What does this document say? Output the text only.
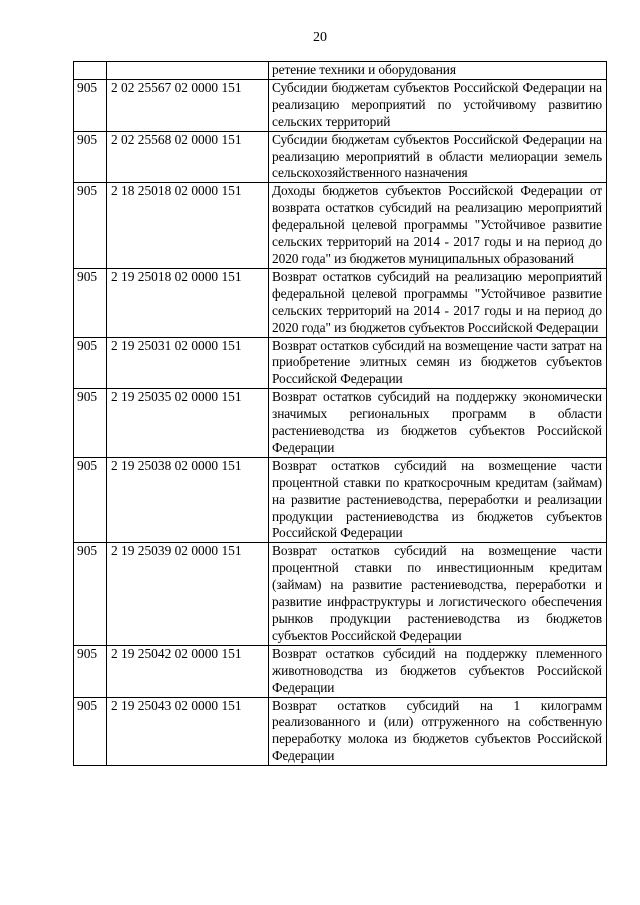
20
		ретение техники и оборудования
905	2 02 25567 02 0000 151	Субсидии бюджетам субъектов Российской Федерации на реализацию мероприятий по устойчивому развитию сельских территорий
905	2 02 25568 02 0000 151	Субсидии бюджетам субъектов Российской Федерации на реализацию мероприятий в области мелиорации земель сельскохозяйственного назначения
905	2 18 25018 02 0000 151	Доходы бюджетов субъектов Российской Федерации от возврата остатков субсидий на реализацию мероприятий федеральной целевой программы "Устойчивое развитие сельских территорий на 2014 - 2017 годы и на период до 2020 года" из бюджетов муниципальных образований
905	2 19 25018 02 0000 151	Возврат остатков субсидий на реализацию мероприятий федеральной целевой программы "Устойчивое развитие сельских территорий на 2014 - 2017 годы и на период до 2020 года" из бюджетов субъектов Российской Федерации
905	2 19 25031 02 0000 151	Возврат остатков субсидий на возмещение части затрат на приобретение элитных семян из бюджетов субъектов Российской Федерации
905	2 19 25035 02 0000 151	Возврат остатков субсидий на поддержку экономически значимых региональных программ в области растениеводства из бюджетов субъектов Российской Федерации
905	2 19 25038 02 0000 151	Возврат остатков субсидий на возмещение части процентной ставки по краткосрочным кредитам (займам) на развитие растениеводства, переработки и реализации продукции растениеводства из бюджетов субъектов Российской Федерации
905	2 19 25039 02 0000 151	Возврат остатков субсидий на возмещение части процентной ставки по инвестиционным кредитам (займам) на развитие растениеводства, переработки и развитие инфраструктуры и логистического обеспечения рынков продукции растениеводства из бюджетов субъектов Российской Федерации
905	2 19 25042 02 0000 151	Возврат остатков субсидий на поддержку племенного животноводства из бюджетов субъектов Российской Федерации
905	2 19 25043 02 0000 151	Возврат остатков субсидий на 1 килограмм реализованного и (или) отгруженного на собственную переработку молока из бюджетов субъектов Российской Федерации
